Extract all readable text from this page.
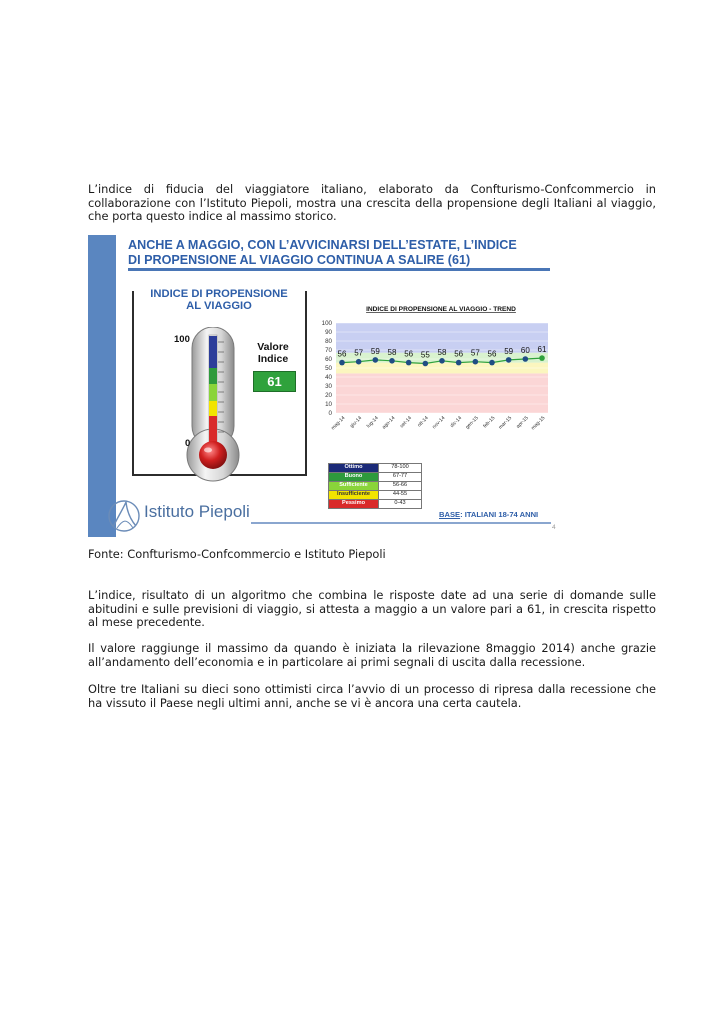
L’indice di fiducia del viaggiatore italiano, elaborato da Confturismo-Confcommercio in collaborazione con l’Istituto Piepoli, mostra una crescita della propensione degli Italiani al viaggio, che porta questo indice al massimo storico.

ANCHE A MAGGIO, CON L’AVVICINARSI DELL’ESTATE, L’INDICE
DI PROPENSIONE AL VIAGGIO CONTINUA A SALIRE (61)

INDICE DI PROPENSIONE
AL VIAGGIO

100
0
Valore
Indice
61
INDICE DI PROPENSIONE AL VIAGGIO - TREND
0
10
20
30
40
50
60
70
80
90
100
mag-14 giu-14 lug-14 ago-14 set-14 ott-14 nov-14 dic-14 gen-15 feb-15 mar-15 apr-15 mag-15
56 57 59 58 56 55 58 56 57 56 59 60 61
Ottimo	78-100
Buono	67-77
Sufficiente	56-66
Insufficiente	44-55
Pessimo	0-43
Istituto Piepoli	BASE: ITALIANI 18-74 ANNI
4

Fonte: Confturismo-Confcommercio e Istituto Piepoli

L’indice, risultato di un algoritmo che combina le risposte date ad una serie di domande sulle abitudini e sulle previsioni di viaggio, si attesta a maggio a un valore pari a 61, in crescita rispetto al mese precedente.

Il valore raggiunge il massimo da quando è iniziata la rilevazione 8maggio 2014) anche grazie all’andamento dell’economia e in particolare ai primi segnali di uscita dalla recessione.

Oltre tre Italiani su dieci sono ottimisti circa l’avvio di un processo di ripresa dalla recessione che ha vissuto il Paese negli ultimi anni, anche se vi è ancora una certa cautela.
